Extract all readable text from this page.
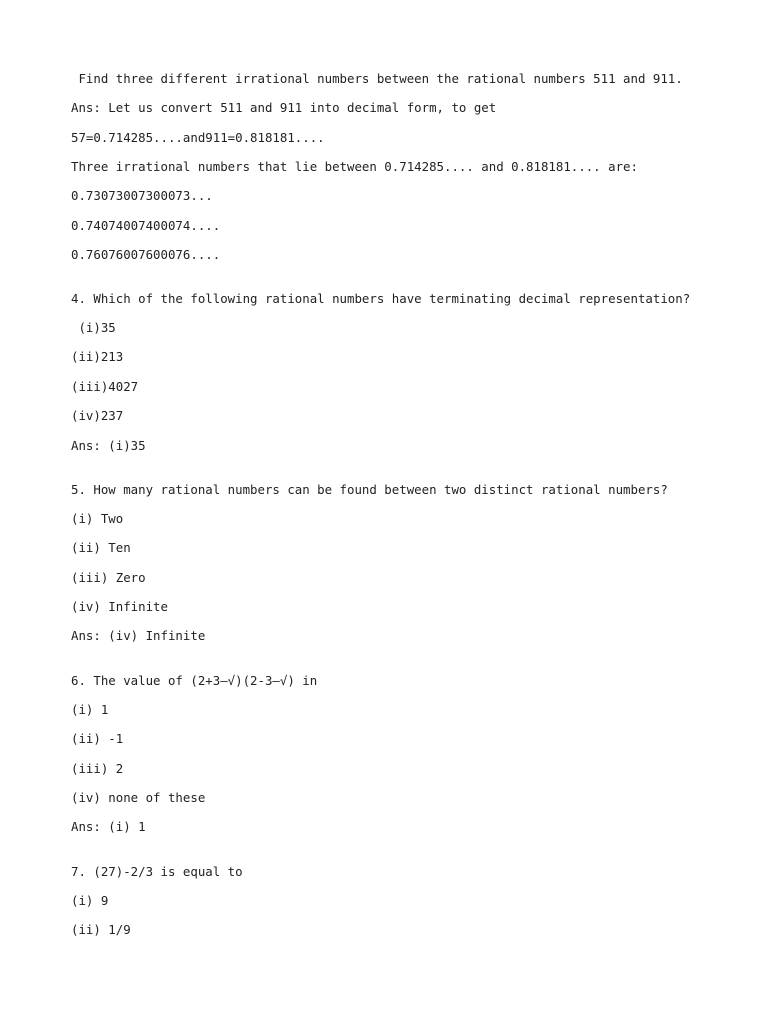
Find three different irrational numbers between the rational numbers 511 and 911.
Ans: Let us convert 511 and 911 into decimal form, to get
57=0.714285....and911=0.818181....
Three irrational numbers that lie between 0.714285.... and 0.818181.... are:
0.73073007300073...
0.74074007400074....
0.76076007600076....
4. Which of the following rational numbers have terminating decimal representation?
(i)35
(ii)213
(iii)4027
(iv)237
Ans: (i)35
5. How many rational numbers can be found between two distinct rational numbers?
(i) Two
(ii) Ten
(iii) Zero
(iv) Infinite
Ans: (iv) Infinite
6. The value of (2+3–√)(2-3–√) in
(i) 1
(ii) -1
(iii) 2
(iv) none of these
Ans: (i) 1
7. (27)-2/3 is equal to
(i) 9
(ii) 1/9
